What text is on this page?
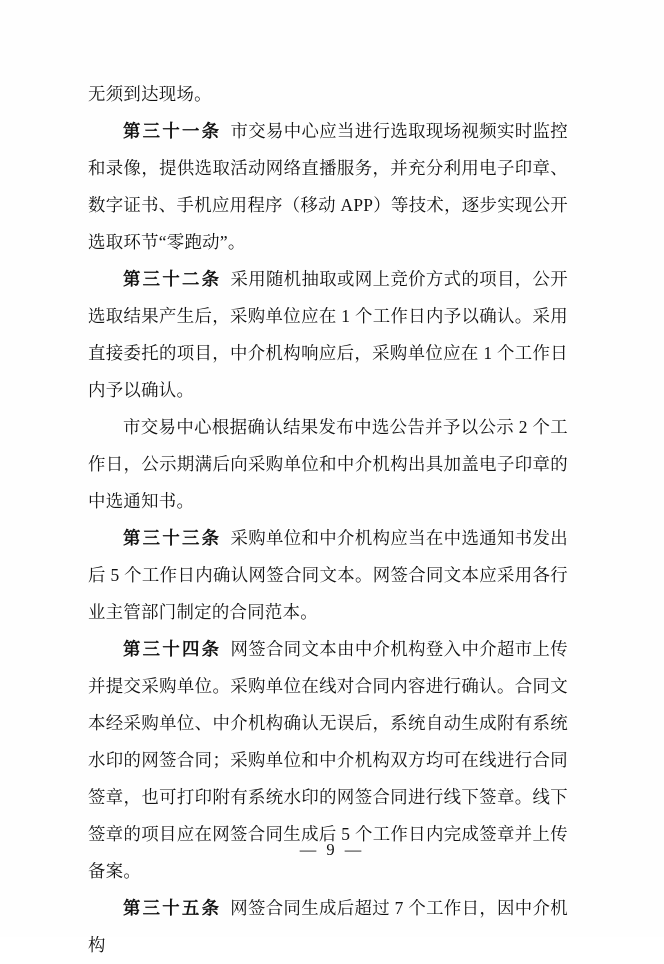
无须到达现场。

第三十一条 市交易中心应当进行选取现场视频实时监控和录像，提供选取活动网络直播服务，并充分利用电子印章、数字证书、手机应用程序（移动 APP）等技术，逐步实现公开选取环节“零跑动”。

第三十二条 采用随机抽取或网上竞价方式的项目，公开选取结果产生后，采购单位应在 1 个工作日内予以确认。采用直接委托的项目，中介机构响应后，采购单位应在 1 个工作日内予以确认。

市交易中心根据确认结果发布中选公告并予以公示 2 个工作日，公示期满后向采购单位和中介机构出具加盖电子印章的中选通知书。

第三十三条 采购单位和中介机构应当在中选通知书发出后 5 个工作日内确认网签合同文本。网签合同文本应采用各行业主管部门制定的合同范本。

第三十四条 网签合同文本由中介机构登入中介超市上传并提交采购单位。采购单位在线对合同内容进行确认。合同文本经采购单位、中介机构确认无误后，系统自动生成附有系统水印的网签合同；采购单位和中介机构双方均可在线进行合同签章，也可打印附有系统水印的网签合同进行线下签章。线下签章的项目应在网签合同生成后 5 个工作日内完成签章并上传备案。

第三十五条 网签合同生成后超过 7 个工作日，因中介机构

— 9 —
